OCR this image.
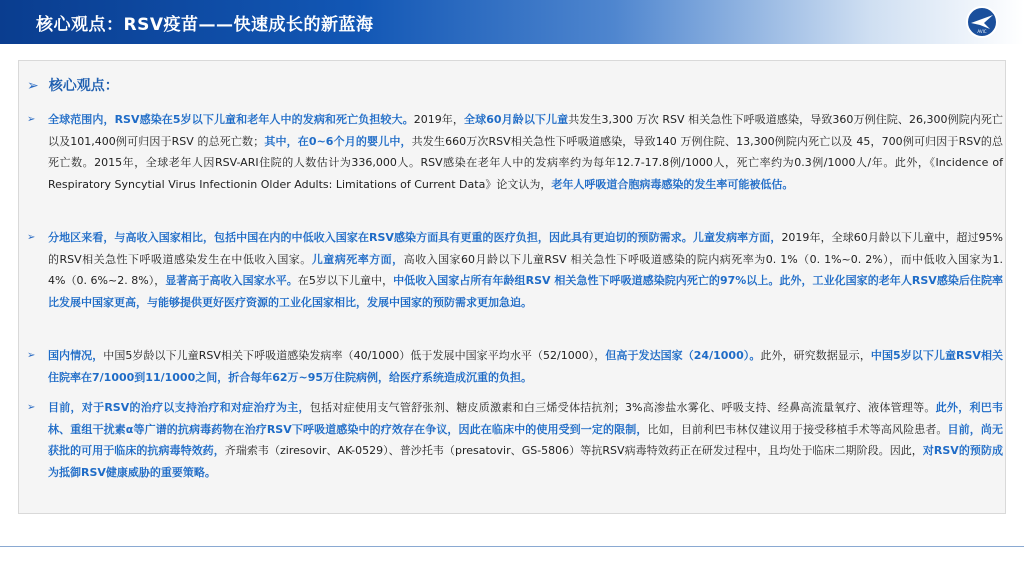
核心观点：RSV疫苗——快速成长的新蓝海	AVIC
➢ 核心观点：
➢ 全球范围内，RSV感染在5岁以下儿童和老年人中的发病和死亡负担较大。2019年，全球60月龄以下儿童共发生3,300 万次 RSV 相关急性下呼吸道感染，导致360万例住院、26,300例院内死亡以及101,400例可归因于RSV 的总死亡数；其中，在0~6个月的婴儿中，共发生660万次RSV相关急性下呼吸道感染，导致140 万例住院、13,300例院内死亡以及 45，700例可归因于RSV的总死亡数。2015年，全球老年人因RSV-ARI住院的人数估计为336,000人。RSV感染在老年人中的发病率约为每年12.7-17.8例/1000人，死亡率约为0.3例/1000人/年。此外，《Incidence of Respiratory Syncytial Virus Infectionin Older Adults: Limitations of Current Data》论文认为，老年人呼吸道合胞病毒感染的发生率可能被低估。
➢ 分地区来看，与高收入国家相比，包括中国在内的中低收入国家在RSV感染方面具有更重的医疗负担，因此具有更迫切的预防需求。儿童发病率方面，2019年，全球60月龄以下儿童中，超过95%的RSV相关急性下呼吸道感染发生在中低收入国家。儿童病死率方面，高收入国家60月龄以下儿童RSV 相关急性下呼吸道感染的院内病死率为0. 1%（0. 1%~0. 2%），而中低收入国家为1. 4%（0. 6%~2. 8%），显著高于高收入国家水平。在5岁以下儿童中，中低收入国家占所有年龄组RSV 相关急性下呼吸道感染院内死亡的97%以上。此外，工业化国家的老年人RSV感染后住院率比发展中国家更高，与能够提供更好医疗资源的工业化国家相比，发展中国家的预防需求更加急迫。
➢ 国内情况，中国5岁龄以下儿童RSV相关下呼吸道感染发病率（40/1000）低于发展中国家平均水平（52/1000），但高于发达国家（24/1000）。此外，研究数据显示，中国5岁以下儿童RSV相关住院率在7/1000到11/1000之间，折合每年62万~95万住院病例，给医疗系统造成沉重的负担。
➢ 目前，对于RSV的治疗以支持治疗和对症治疗为主，包括对症使用支气管舒张剂、糖皮质激素和白三烯受体拮抗剂；3%高渗盐水雾化、呼吸支持、经鼻高流量氧疗、液体管理等。此外，利巴韦林、重组干扰素α等广谱的抗病毒药物在治疗RSV下呼吸道感染中的疗效存在争议，因此在临床中的使用受到一定的限制，比如，目前利巴韦林仅建议用于接受移植手术等高风险患者。目前，尚无获批的可用于临床的抗病毒特效药，齐瑞索韦（ziresovir、AK-0529）、普沙托韦（presatovir、GS-5806）等抗RSV病毒特效药正在研发过程中，且均处于临床二期阶段。因此，对RSV的预防成为抵御RSV健康威胁的重要策略。
